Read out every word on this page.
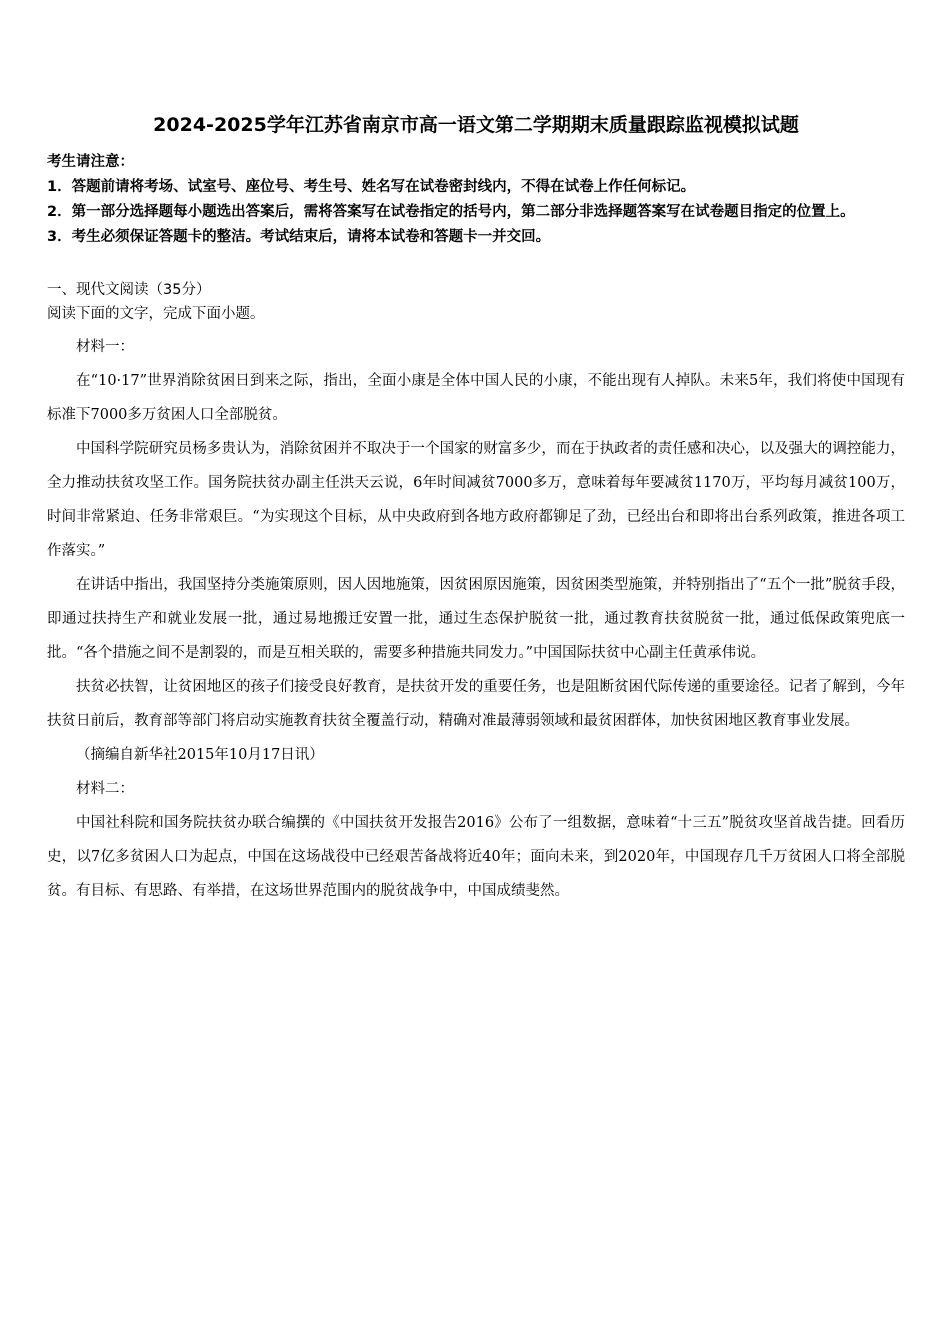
2024-2025学年江苏省南京市高一语文第二学期期末质量跟踪监视模拟试题

考生请注意：

1．答题前请将考场、试室号、座位号、考生号、姓名写在试卷密封线内，不得在试卷上作任何标记。

2．第一部分选择题每小题选出答案后，需将答案写在试卷指定的括号内，第二部分非选择题答案写在试卷题目指定的位置上。

3．考生必须保证答题卡的整洁。考试结束后，请将本试卷和答题卡一并交回。

一、现代文阅读（35分）

阅读下面的文字，完成下面小题。

材料一：

在“10·17”世界消除贫困日到来之际，指出，全面小康是全体中国人民的小康，不能出现有人掉队。未来5年，我们将使中国现有标准下7000多万贫困人口全部脱贫。

中国科学院研究员杨多贵认为，消除贫困并不取决于一个国家的财富多少，而在于执政者的责任感和决心，以及强大的调控能力，全力推动扶贫攻坚工作。国务院扶贫办副主任洪天云说，6年时间减贫7000多万，意味着每年要减贫1170万，平均每月减贫100万，时间非常紧迫、任务非常艰巨。“为实现这个目标，从中央政府到各地方政府都铆足了劲，已经出台和即将出台系列政策，推进各项工作落实。”

在讲话中指出，我国坚持分类施策原则，因人因地施策，因贫困原因施策，因贫困类型施策，并特别指出了“五个一批”脱贫手段，即通过扶持生产和就业发展一批，通过易地搬迁安置一批，通过生态保护脱贫一批，通过教育扶贫脱贫一批，通过低保政策兜底一批。“各个措施之间不是割裂的，而是互相关联的，需要多种措施共同发力。”中国国际扶贫中心副主任黄承伟说。

扶贫必扶智，让贫困地区的孩子们接受良好教育，是扶贫开发的重要任务，也是阻断贫困代际传递的重要途径。记者了解到，今年扶贫日前后，教育部等部门将启动实施教育扶贫全覆盖行动，精确对准最薄弱领域和最贫困群体，加快贫困地区教育事业发展。

（摘编自新华社2015年10月17日讯）

材料二：

中国社科院和国务院扶贫办联合编撰的《中国扶贫开发报告2016》公布了一组数据，意味着“十三五”脱贫攻坚首战告捷。回看历史，以7亿多贫困人口为起点，中国在这场战役中已经艰苦备战将近40年；面向未来，到2020年，中国现存几千万贫困人口将全部脱贫。有目标、有思路、有举措，在这场世界范围内的脱贫战争中，中国成绩斐然。
